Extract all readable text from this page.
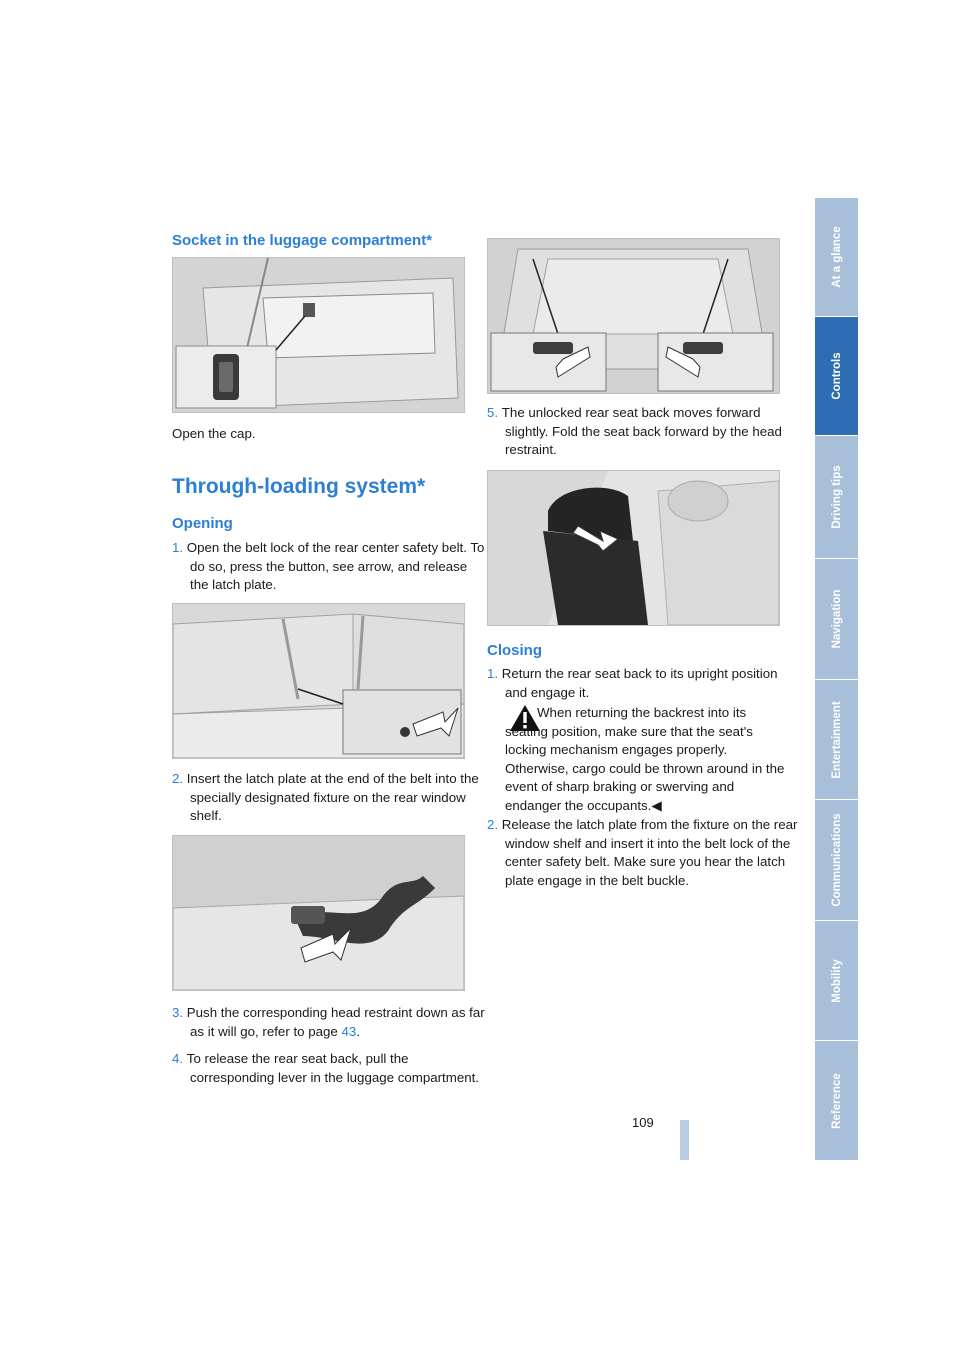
Socket in the luggage compartment*
Open the cap.
Through-loading system*
Opening
1. Open the belt lock of the rear center safety belt. To do so, press the button, see arrow, and release the latch plate.
2. Insert the latch plate at the end of the belt into the specially designated fixture on the rear window shelf.
3. Push the corresponding head restraint down as far as it will go, refer to page 43.
4. To release the rear seat back, pull the corresponding lever in the luggage compartment.
5. The unlocked rear seat back moves forward slightly. Fold the seat back forward by the head restraint.
Closing
1. Return the rear seat back to its upright position and engage it.
When returning the backrest into its seating position, make sure that the seat's locking mechanism engages properly. Otherwise, cargo could be thrown around in the event of sharp braking or swerving and endanger the occupants.◀
2. Release the latch plate from the fixture on the rear window shelf and insert it into the belt lock of the center safety belt. Make sure you hear the latch plate engage in the belt buckle.
109
At a glance
Controls
Driving tips
Navigation
Entertainment
Communications
Mobility
Reference
